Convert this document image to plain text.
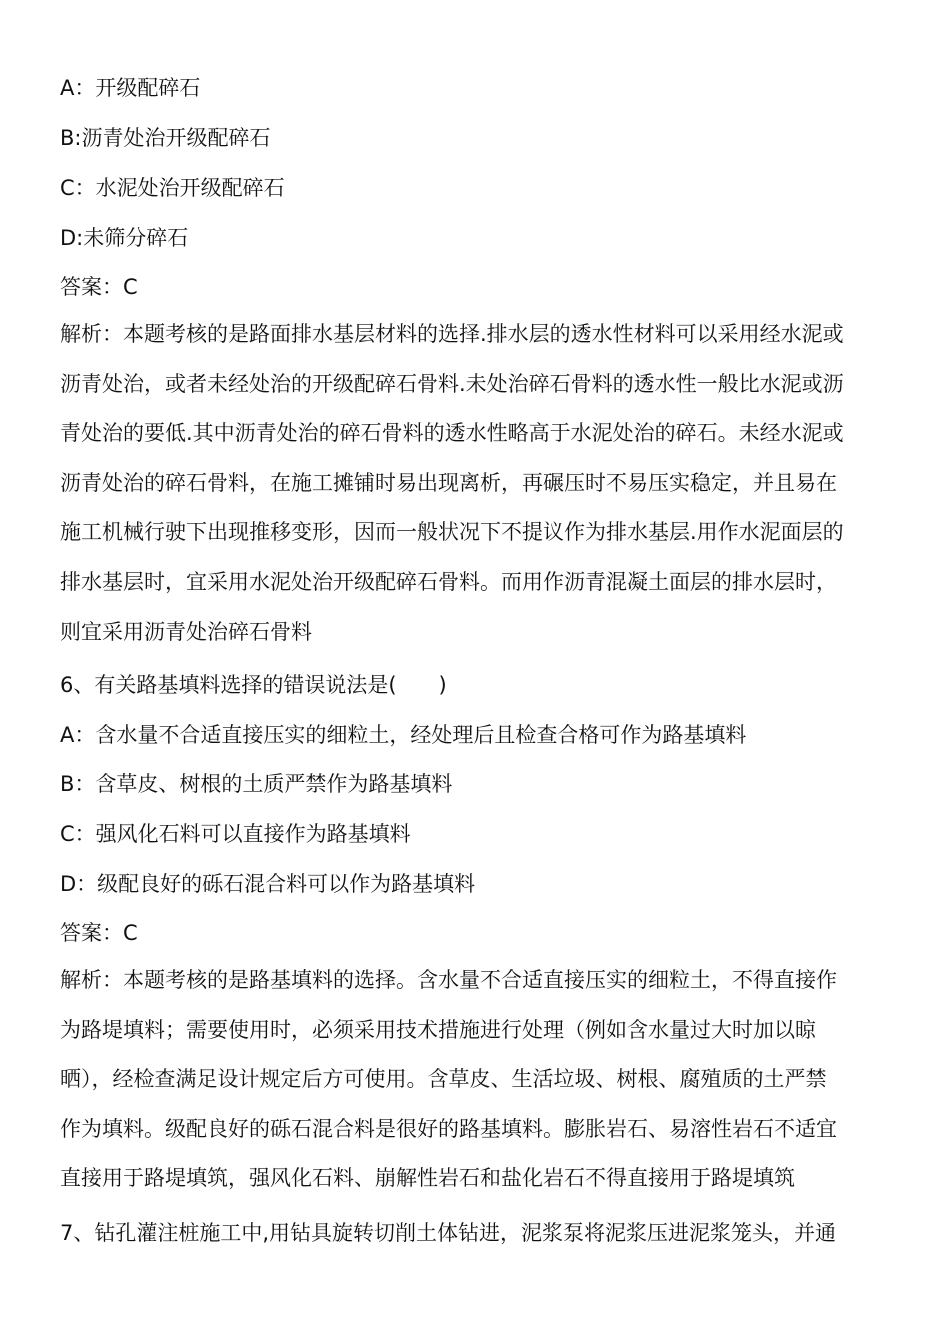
A：开级配碎石
B:沥青处治开级配碎石
C：水泥处治开级配碎石
D:未筛分碎石
答案：C
解析：本题考核的是路面排水基层材料的选择.排水层的透水性材料可以采用经水泥或
沥青处治，或者未经处治的开级配碎石骨料.未处治碎石骨料的透水性一般比水泥或沥
青处治的要低.其中沥青处治的碎石骨料的透水性略高于水泥处治的碎石。未经水泥或
沥青处治的碎石骨料，在施工摊铺时易出现离析，再碾压时不易压实稳定，并且易在
施工机械行驶下出现推移变形，因而一般状况下不提议作为排水基层.用作水泥面层的
排水基层时，宜采用水泥处治开级配碎石骨料。而用作沥青混凝土面层的排水层时，
则宜采用沥青处治碎石骨料
6、有关路基填料选择的错误说法是(　　)
A：含水量不合适直接压实的细粒土，经处理后且检查合格可作为路基填料
B：含草皮、树根的土质严禁作为路基填料
C：强风化石料可以直接作为路基填料
D：级配良好的砾石混合料可以作为路基填料
答案：C
解析：本题考核的是路基填料的选择。含水量不合适直接压实的细粒土，不得直接作
为路堤填料；需要使用时，必须采用技术措施进行处理（例如含水量过大时加以晾
晒），经检查满足设计规定后方可使用。含草皮、生活垃圾、树根、腐殖质的土严禁
作为填料。级配良好的砾石混合料是很好的路基填料。膨胀岩石、易溶性岩石不适宜
直接用于路堤填筑，强风化石料、崩解性岩石和盐化岩石不得直接用于路堤填筑
7、钻孔灌注桩施工中,用钻具旋转切削土体钻进，泥浆泵将泥浆压进泥浆笼头，并通
